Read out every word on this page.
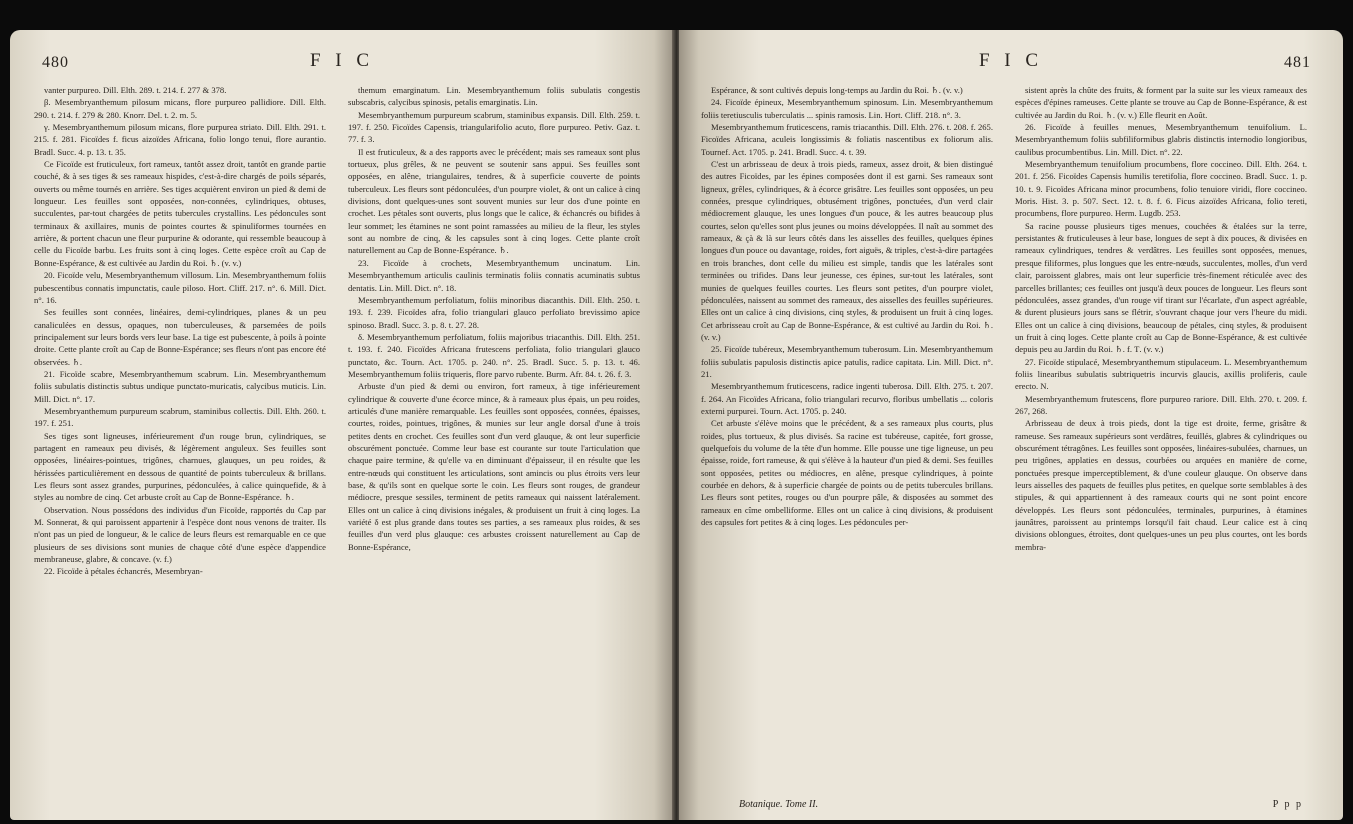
480	F I C

vanter purpureo. Dill. Elth. 289. t. 214. f. 277 & 378.

β. Mesembryanthemum pilosum micans, flore purpureo pallidiore. Dill. Elth. 290. t. 214. f. 279 & 280. Knorr. Del. t. 2. m. 5.

γ. Mesembryanthemum pilosum micans, flore purpurea striato. Dill. Elth. 291. t. 215. f. 281. Ficoïdes f. ficus aizoïdes Africana, folio longo tenui, flore aurantio. Bradl. Succ. 4. p. 13. t. 35.

Ce Ficoïde est fruticuleux, fort rameux, tantôt assez droit, tantôt en grande partie couché, & à ses tiges & ses rameaux hispides, c'est-à-dire chargés de poils séparés, ouverts ou même tournés en arrière. Ses tiges acquièrent environ un pied & demi de longueur. Les feuilles sont opposées, non-connées, cylindriques, obtuses, succulentes, par-tout chargées de petits tubercules crystallins. Les pédoncules sont terminaux & axillaires, munis de pointes courtes & spinuliformes tournées en arrière, & portent chacun une fleur purpurine & odorante, qui ressemble beaucoup à celle du Ficoïde barbu. Les fruits sont à cinq loges. Cette espèce croît au Cap de Bonne-Espérance, & est cultivée au Jardin du Roi. ♄. (v. v.)

20. Ficoïde velu, Mesembryanthemum villosum. Lin. Mesembryanthemum foliis pubescentibus connatis impunctatis, caule piloso. Hort. Cliff. 217. n°. 6. Mill. Dict. n°. 16.

Ses feuilles sont connées, linéaires, demi-cylindriques, planes & un peu canaliculées en dessus, opaques, non tuberculeuses, & parsemées de poils principalement sur leurs bords vers leur base. La tige est pubescente, à poils à pointe droite. Cette plante croît au Cap de Bonne-Espérance; ses fleurs n'ont pas encore été observées. ♄.

21. Ficoïde scabre, Mesembryanthemum scabrum. Lin. Mesembryanthemum foliis subulatis distinctis subtus undique punctato-muricatis, calycibus muticis. Lin. Mill. Dict. n°. 17.

Mesembryanthemum purpureum scabrum, staminibus collectis. Dill. Elth. 260. t. 197. f. 251.

Ses tiges sont ligneuses, inférieurement d'un rouge brun, cylindriques, se partagent en rameaux peu divisés, & légèrement anguleux. Ses feuilles sont opposées, linéaires-pointues, trigônes, charnues, glauques, un peu roides, & hérissées particulièrement en dessous de quantité de points tuberculeux & brillans. Les fleurs sont assez grandes, purpurines, pédonculées, à calice quinquefide, & à styles au nombre de cinq. Cet arbuste croît au Cap de Bonne-Espérance. ♄.

Observation. Nous possédons des individus d'un Ficoïde, rapportés du Cap par M. Sonnerat, & qui paroissent appartenir à l'espèce dont nous venons de traiter. Ils n'ont pas un pied de longueur, & le calice de leurs fleurs est remarquable en ce que plusieurs de ses divisions sont munies de chaque côté d'une espèce d'appendice membraneuse, glabre, & concave. (v. f.)

22. Ficoïde à pétales échancrés, Mesembryan-

themum emarginatum. Lin. Mesembryanthemum foliis subulatis congestis subscabris, calycibus spinosis, petalis emarginatis. Lin.

Mesembryanthemum purpureum scabrum, staminibus expansis. Dill. Elth. 259. t. 197. f. 250. Ficoïdes Capensis, triangularifolio acuto, flore purpureo. Petiv. Gaz. t. 77. f. 3.

Il est fruticuleux, & a des rapports avec le précédent; mais ses rameaux sont plus tortueux, plus grêles, & ne peuvent se soutenir sans appui. Ses feuilles sont opposées, en alêne, triangulaires, tendres, & à superficie couverte de points tuberculeux. Les fleurs sont pédonculées, d'un pourpre violet, & ont un calice à cinq divisions, dont quelques-unes sont souvent munies sur leur dos d'une pointe en crochet. Les pétales sont ouverts, plus longs que le calice, & échancrés ou bifides à leur sommet; les étamines ne sont point ramassées au milieu de la fleur, les styles sont au nombre de cinq, & les capsules sont à cinq loges. Cette plante croît naturellement au Cap de Bonne-Espérance. ♄.

23. Ficoïde à crochets, Mesembryanthemum uncinatum. Lin. Mesembryanthemum articulis caulinis terminatis foliis connatis acuminatis subtus dentatis. Lin. Mill. Dict. n°. 18.

Mesembryanthemum perfoliatum, foliis minoribus diacanthis. Dill. Elth. 250. t. 193. f. 239. Ficoïdes afra, folio triangulari glauco perfoliato brevissimo apice spinoso. Bradl. Succ. 3. p. 8. t. 27. 28.

δ. Mesembryanthemum perfoliatum, foliis majoribus triacanthis. Dill. Elth. 251. t. 193. f. 240. Ficoïdes Africana frutescens perfoliata, folio triangulari glauco punctato, &c. Tourn. Act. 1705. p. 240. n°. 25. Bradl. Succ. 5. p. 13. t. 46. Mesembryanthemum foliis triqueris, flore parvo rubente. Burm. Afr. 84. t. 26. f. 3.

Arbuste d'un pied & demi ou environ, fort rameux, à tige inférieurement cylindrique & couverte d'une écorce mince, & à rameaux plus épais, un peu roides, articulés d'une manière remarquable. Les feuilles sont opposées, connées, épaisses, courtes, roides, pointues, trigônes, & munies sur leur angle dorsal d'une à trois petites dents en crochet. Ces feuilles sont d'un verd glauque, & ont leur superficie obscurément ponctuée. Comme leur base est courante sur toute l'articulation que chaque paire termine, & qu'elle va en diminuant d'épaisseur, il en résulte que les entre-nœuds qui constituent les articulations, sont amincis ou plus étroits vers leur base, & qu'ils sont en quelque sorte le coin. Les fleurs sont rouges, de grandeur médiocre, presque sessiles, terminent de petits rameaux qui naissent latéralement. Elles ont un calice à cinq divisions inégales, & produisent un fruit à cinq loges. La variété δ est plus grande dans toutes ses parties, a ses rameaux plus roides, & ses feuilles d'un verd plus glauque: ces arbustes croissent naturellement au Cap de Bonne-Espérance,

F I C	481

Espérance, & sont cultivés depuis long-temps au Jardin du Roi. ♄. (v. v.)

24. Ficoïde épineux, Mesembryanthemum spinosum. Lin. Mesembryanthemum foliis teretiusculis tuberculatis ... spinis ramosis. Lin. Hort. Cliff. 218. n°. 3.

Mesembryanthemum fruticescens, ramis triacanthis. Dill. Elth. 276. t. 208. f. 265. Ficoïdes Africana, aculeis longissimis & foliatis nascentibus ex foliorum alis. Tournef. Act. 1705. p. 241. Bradl. Succ. 4. t. 39.

C'est un arbrisseau de deux à trois pieds, rameux, assez droit, & bien distingué des autres Ficoïdes, par les épines composées dont il est garni. Ses rameaux sont ligneux, grêles, cylindriques, & à écorce grisâtre. Les feuilles sont opposées, un peu connées, presque cylindriques, obtusément trigônes, ponctuées, d'un verd clair médiocrement glauque, les unes longues d'un pouce, & les autres beaucoup plus courtes, selon qu'elles sont plus jeunes ou moins développées. Il naît au sommet des rameaux, & çà & là sur leurs côtés dans les aisselles des feuilles, quelques épines longues d'un pouce ou davantage, roides, fort aiguës, & triples, c'est-à-dire partagées en trois branches, dont celle du milieu est simple, tandis que les latérales sont terminées ou trifides. Dans leur jeunesse, ces épines, sur-tout les latérales, sont munies de quelques feuilles courtes. Les fleurs sont petites, d'un pourpre violet, pédonculées, naissent au sommet des rameaux, des aisselles des feuilles supérieures. Elles ont un calice à cinq divisions, cinq styles, & produisent un fruit à cinq loges. Cet arbrisseau croît au Cap de Bonne-Espérance, & est cultivé au Jardin du Roi. ♄. (v. v.)

25. Ficoïde tubéreux, Mesembryanthemum tuberosum. Lin. Mesembryanthemum foliis subulatis papulosis distinctis apice patulis, radice capitata. Lin. Mill. Dict. n°. 21.

Mesembryanthemum fruticescens, radice ingenti tuberosa. Dill. Elth. 275. t. 207. f. 264. An Ficoïdes Africana, folio triangulari recurvo, floribus umbellatis ... coloris externi purpurei. Tourn. Act. 1705. p. 240.

Cet arbuste s'élève moins que le précédent, & a ses rameaux plus courts, plus roides, plus tortueux, & plus divisés. Sa racine est tubéreuse, capitée, fort grosse, quelquefois du volume de la tête d'un homme. Elle pousse une tige ligneuse, un peu épaisse, roide, fort rameuse, & qui s'élève à la hauteur d'un pied & demi. Ses feuilles sont opposées, petites ou médiocres, en alêne, presque cylindriques, à pointe courbée en dehors, & à superficie chargée de points ou de petits tubercules brillans. Les fleurs sont petites, rouges ou d'un pourpre pâle, & disposées au sommet des rameaux en cîme ombelliforme. Elles ont un calice à cinq divisions, & produisent des capsules fort petites & à cinq loges. Les pédoncules per-

sistent après la chûte des fruits, & forment par la suite sur les vieux rameaux des espèces d'épines rameuses. Cette plante se trouve au Cap de Bonne-Espérance, & est cultivée au Jardin du Roi. ♄. (v. v.) Elle fleurit en Août.

26. Ficoïde à feuilles menues, Mesembryanthemum tenuifolium. L. Mesembryanthemum foliis subfiliformibus glabris distinctis internodio longioribus, caulibus procumbentibus. Lin. Mill. Dict. n°. 22.

Mesembryanthemum tenuifolium procumbens, flore coccineo. Dill. Elth. 264. t. 201. f. 256. Ficoïdes Capensis humilis teretifolia, flore coccineo. Bradl. Succ. 1. p. 10. t. 9. Ficoïdes Africana minor procumbens, folio tenuiore viridi, flore coccineo. Moris. Hist. 3. p. 507. Sect. 12. t. 8. f. 6. Ficus aizoïdes Africana, folio tereti, procumbens, flore purpureo. Herm. Lugdb. 253.

Sa racine pousse plusieurs tiges menues, couchées & étalées sur la terre, persistantes & fruticuleuses à leur base, longues de sept à dix pouces, & divisées en rameaux cylindriques, tendres & verdâtres. Les feuilles sont opposées, menues, presque filiformes, plus longues que les entre-nœuds, succulentes, molles, d'un verd clair, paroissent glabres, mais ont leur superficie très-finement réticulée avec des parcelles brillantes; ces feuilles ont jusqu'à deux pouces de longueur. Les fleurs sont pédonculées, assez grandes, d'un rouge vif tirant sur l'écarlate, d'un aspect agréable, & durent plusieurs jours sans se flétrir, s'ouvrant chaque jour vers l'heure du midi. Elles ont un calice à cinq divisions, beaucoup de pétales, cinq styles, & produisent un fruit à cinq loges. Cette plante croît au Cap de Bonne-Espérance, & est cultivée depuis peu au Jardin du Roi. ♄. f. Ƭ. (v. v.)

27. Ficoïde stipulacé, Mesembryanthemum stipulaceum. L. Mesembryanthemum foliis linearibus subulatis subtriquetris incurvis glaucis, axillis proliferis, caule erecto. N.

Mesembryanthemum frutescens, flore purpureo rariore. Dill. Elth. 270. t. 209. f. 267, 268.

Arbrisseau de deux à trois pieds, dont la tige est droite, ferme, grisâtre & rameuse. Ses rameaux supérieurs sont verdâtres, feuillés, glabres & cylindriques ou obscurément tétragônes. Les feuilles sont opposées, linéaires-subulées, charnues, un peu trigônes, applaties en dessus, courbées ou arquées en manière de corne, ponctuées presque imperceptiblement, & d'une couleur glauque. On observe dans leurs aisselles des paquets de feuilles plus petites, en quelque sorte semblables à des stipules, & qui appartiennent à des rameaux courts qui ne sont point encore développés. Les fleurs sont pédonculées, terminales, purpurines, à étamines jaunâtres, paroissent au printemps lorsqu'il fait chaud. Leur calice est à cinq divisions oblongues, étroites, dont quelques-unes un peu plus courtes, ont les bords membra-

Botanique. Tome II.	P p p
